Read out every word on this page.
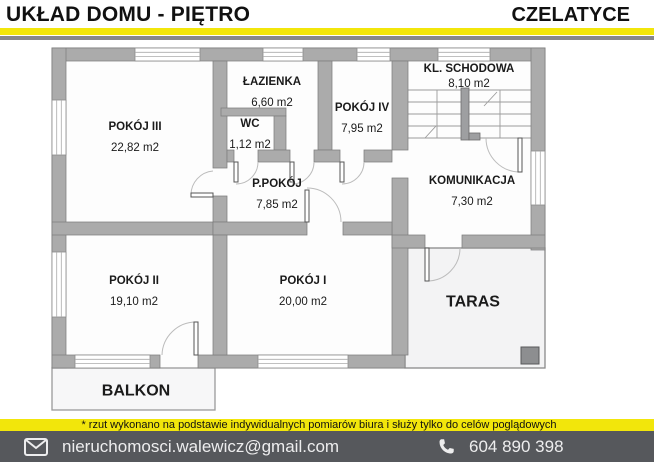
POKÓJ III
22,82 m2
ŁAZIENKA
6,60 m2
WC
1,12 m2
POKÓJ IV
7,95 m2
KL. SCHODOWA
8,10 m2
P.POKÓJ
7,85 m2
KOMUNIKACJA
7,30 m2
POKÓJ II
19,10 m2
POKÓJ I
20,00 m2	TARAS
BALKON
UKŁAD DOMU - PIĘTRO	CZELATYCE
* rzut wykonano na podstawie indywidualnych pomiarów biura i służy tylko do celów poglądowych
nieruchomosci.walewicz@gmail.com	604 890 398
